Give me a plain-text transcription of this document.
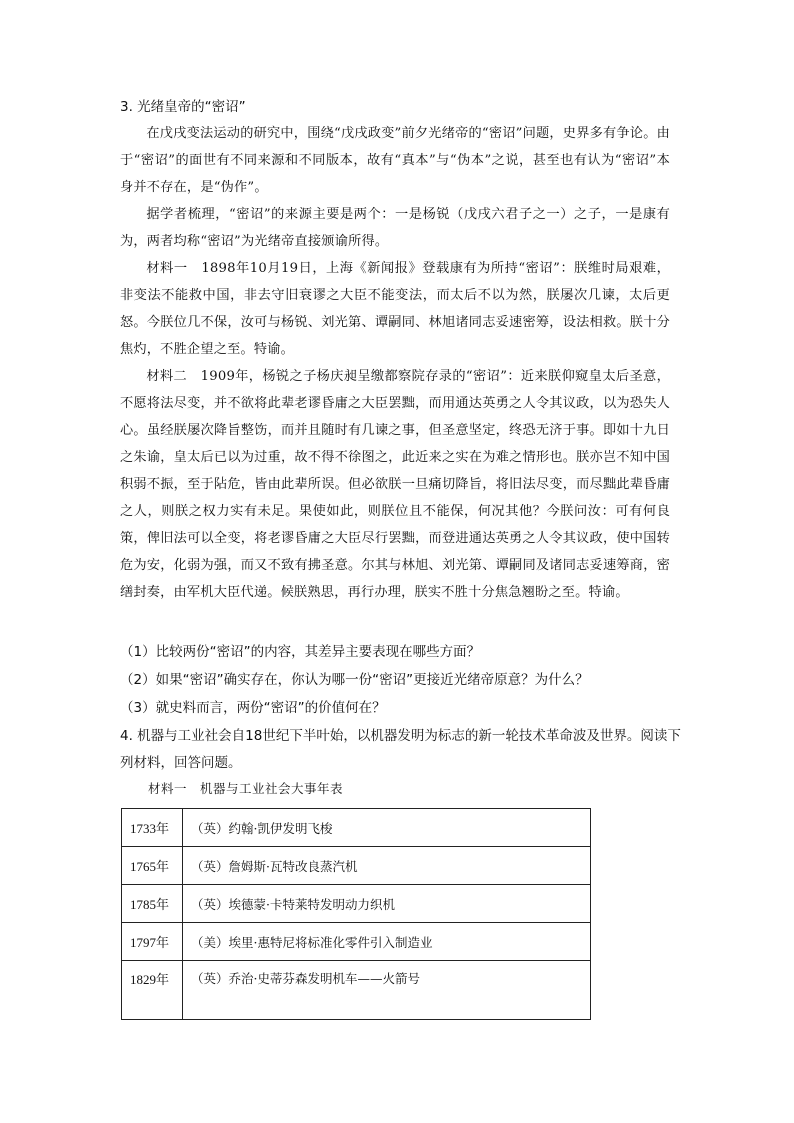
3. 光绪皇帝的“密诏”
在戊戌变法运动的研究中，围绕“戊戌政变”前夕光绪帝的“密诏”问题，史界多有争论。由于“密诏”的面世有不同来源和不同版本，故有“真本”与“伪本”之说，甚至也有认为“密诏”本身并不存在，是“伪作”。
据学者梳理，“密诏”的来源主要是两个：一是杨锐（戊戌六君子之一）之子，一是康有为，两者均称“密诏”为光绪帝直接颁谕所得。
材料一　1898年10月19日，上海《新闻报》登载康有为所持“密诏”：朕维时局艰难，非变法不能救中国，非去守旧衰谬之大臣不能变法，而太后不以为然，朕屡次几谏，太后更怒。今朕位几不保，汝可与杨锐、刘光第、谭嗣同、林旭诸同志妥速密筹，设法相救。朕十分焦灼，不胜企望之至。特谕。
材料二　1909年，杨锐之子杨庆昶呈缴都察院存录的“密诏”：近来朕仰窥皇太后圣意，不愿将法尽变，并不欲将此辈老谬昏庸之大臣罢黜，而用通达英勇之人令其议政，以为恐失人心。虽经朕屡次降旨整饬，而并且随时有几谏之事，但圣意坚定，终恐无济于事。即如十九日之朱谕，皇太后已以为过重，故不得不徐图之，此近来之实在为难之情形也。朕亦岂不知中国积弱不振，至于阽危，皆由此辈所误。但必欲朕一旦痛切降旨，将旧法尽变，而尽黜此辈昏庸之人，则朕之权力实有未足。果使如此，则朕位且不能保，何况其他？今朕问汝：可有何良策，俾旧法可以全变，将老谬昏庸之大臣尽行罢黜，而登进通达英勇之人令其议政，使中国转危为安，化弱为强，而又不致有拂圣意。尔其与林旭、刘光第、谭嗣同及诸同志妥速筹商，密缮封奏，由军机大臣代递。候朕熟思，再行办理，朕实不胜十分焦急翘盼之至。特谕。
（1）比较两份“密诏”的内容，其差异主要表现在哪些方面？
（2）如果“密诏”确实存在，你认为哪一份“密诏”更接近光绪帝原意？为什么？
（3）就史料而言，两份“密诏”的价值何在？
4. 机器与工业社会自18世纪下半叶始，以机器发明为标志的新一轮技术革命波及世界。阅读下列材料，回答问题。
材料一　机器与工业社会大事年表
1733年	（英）约翰·凯伊发明飞梭
1765年	（英）詹姆斯·瓦特改良蒸汽机
1785年	（英）埃德蒙·卡特莱特发明动力织机
1797年	（美）埃里·惠特尼将标准化零件引入制造业
1829年	（英）乔治·史蒂芬森发明机车——火箭号
